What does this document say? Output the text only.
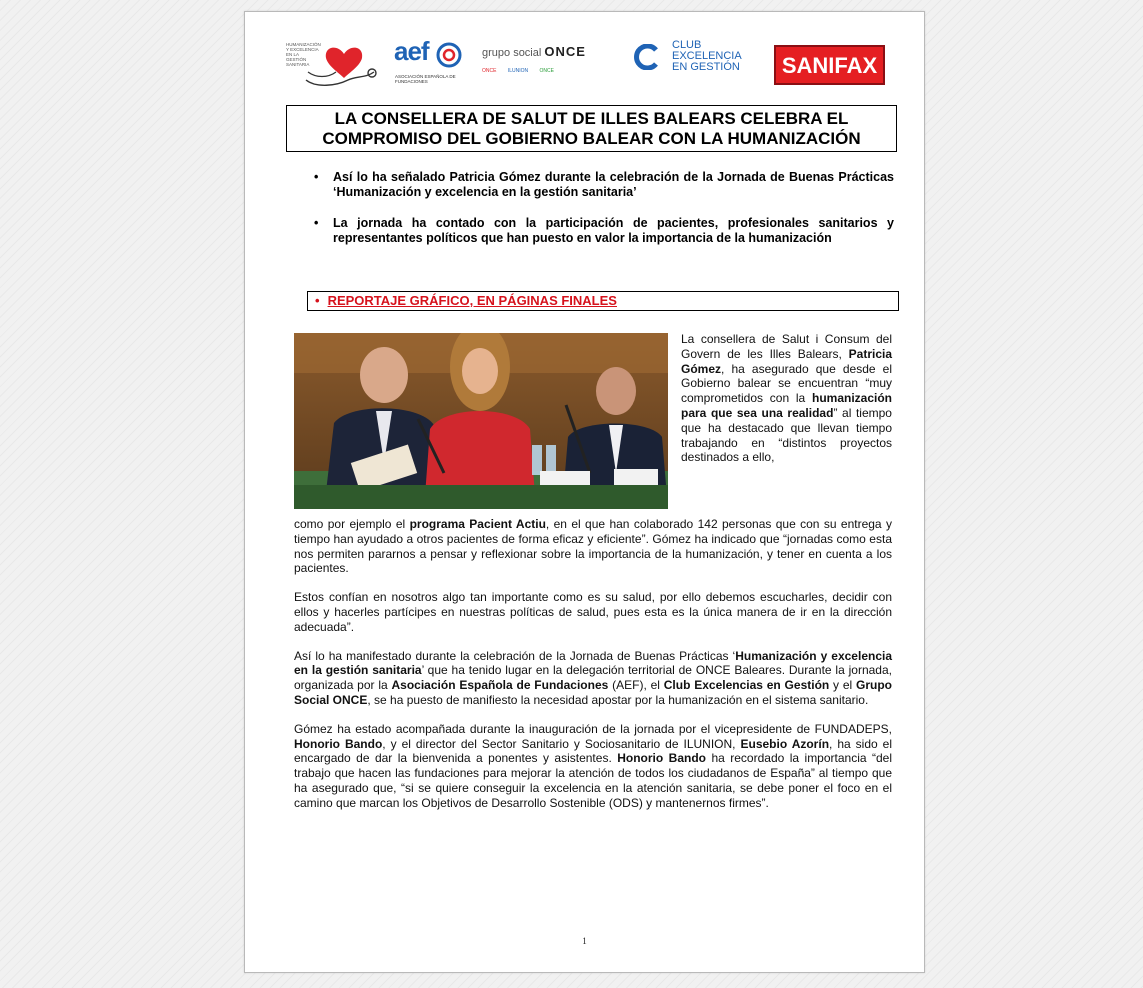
HUMANIZACIÓN Y EXCELENCIA EN LA GESTIÓN SANITARIA	aef
ASOCIACIÓN ESPAÑOLA DE FUNDACIONES
grupo social ONCE
ONCE ILUNION ONCE
CLUB
EXCELENCIA
EN GESTIÓN	SANIFAX
LA CONSELLERA DE SALUT DE ILLES BALEARS CELEBRA EL COMPROMISO DEL GOBIERNO BALEAR CON LA HUMANIZACIÓN
• Así lo ha señalado Patricia Gómez durante la celebración de la Jornada de Buenas Prácticas ‘Humanización y excelencia en la gestión sanitaria’
• La jornada ha contado con la participación de pacientes, profesionales sanitarios y representantes políticos que han puesto en valor la importancia de la humanización
• REPORTAJE GRÁFICO, EN PÁGINAS FINALES
La consellera de Salut i Consum del Govern de les Illes Balears, Patricia Gómez, ha asegurado que desde el Gobierno balear se encuentran “muy comprometidos con la humanización para que sea una realidad” al tiempo que ha destacado que llevan tiempo trabajando en “distintos proyectos destinados a ello,

como por ejemplo el programa Pacient Actiu, en el que han colaborado 142 personas que con su entrega y tiempo han ayudado a otros pacientes de forma eficaz y eficiente”. Gómez ha indicado que “jornadas como esta nos permiten pararnos a pensar y reflexionar sobre la importancia de la humanización, y tener en cuenta a los pacientes.

Estos confían en nosotros algo tan importante como es su salud, por ello debemos escucharles, decidir con ellos y hacerles partícipes en nuestras políticas de salud, pues esta es la única manera de ir en la dirección adecuada”.

Así lo ha manifestado durante la celebración de la Jornada de Buenas Prácticas ‘Humanización y excelencia en la gestión sanitaria’ que ha tenido lugar en la delegación territorial de ONCE Baleares. Durante la jornada, organizada por la Asociación Española de Fundaciones (AEF), el Club Excelencias en Gestión y el Grupo Social ONCE, se ha puesto de manifiesto la necesidad apostar por la humanización en el sistema sanitario.

Gómez ha estado acompañada durante la inauguración de la jornada por el vicepresidente de FUNDADEPS, Honorio Bando, y el director del Sector Sanitario y Sociosanitario de ILUNION, Eusebio Azorín, ha sido el encargado de dar la bienvenida a ponentes y asistentes. Honorio Bando ha recordado la importancia “del trabajo que hacen las fundaciones para mejorar la atención de todos los ciudadanos de España” al tiempo que ha asegurado que, “si se quiere conseguir la excelencia en la atención sanitaria, se debe poner el foco en el camino que marcan los Objetivos de Desarrollo Sostenible (ODS) y mantenernos firmes”.

1
